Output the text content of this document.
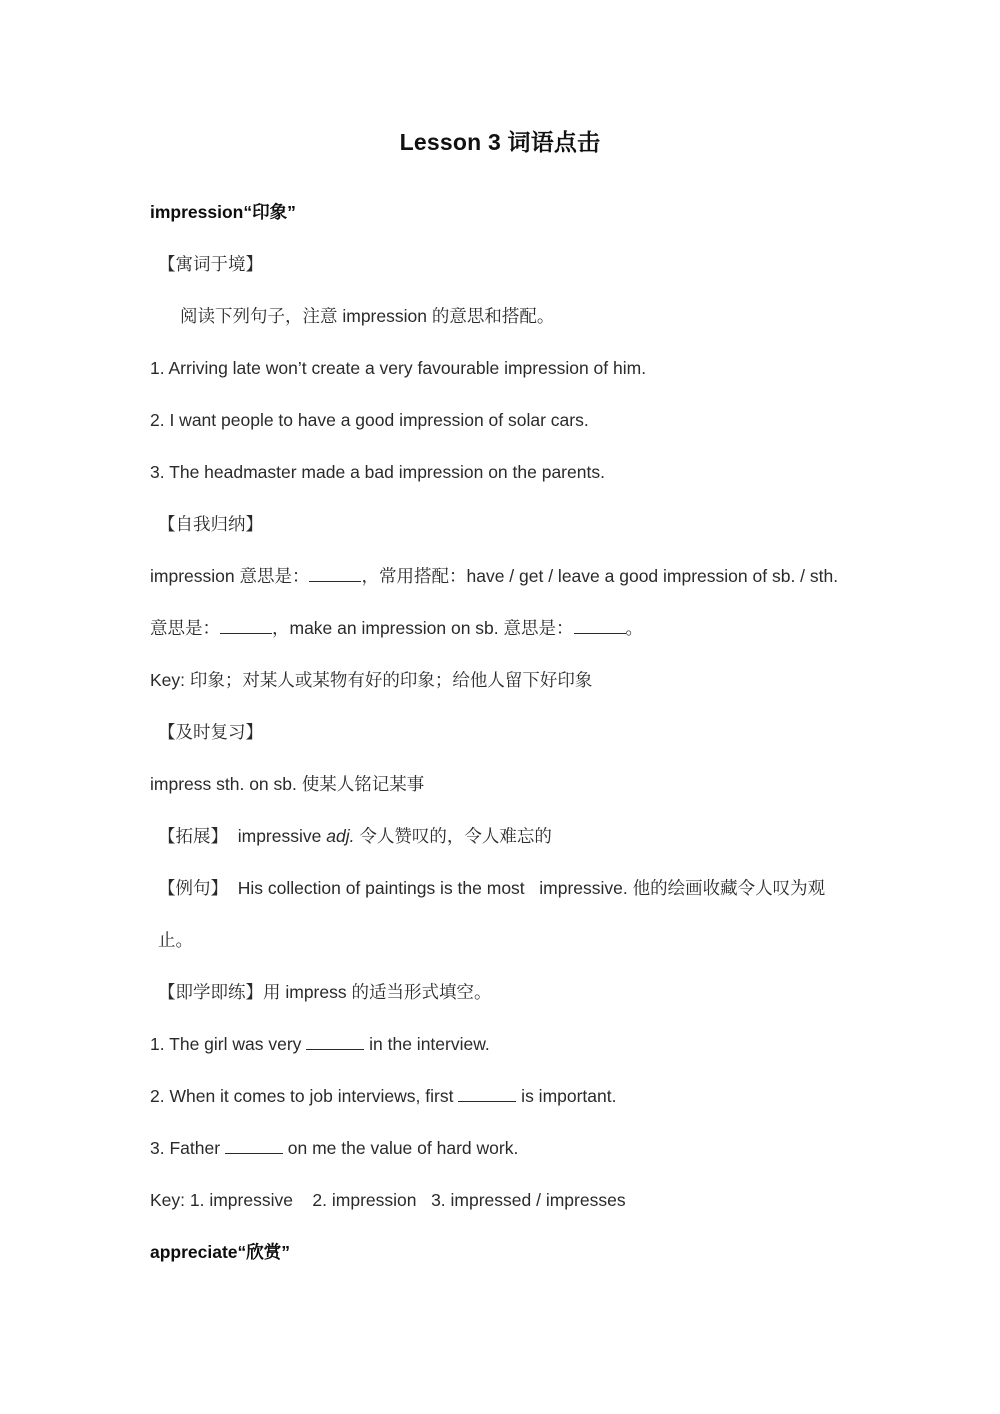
Lesson 3 词语点击
impression“印象”
【寓词于境】
阅读下列句子，注意 impression 的意思和搭配。
1. Arriving late won’t create a very favourable impression of him.
2. I want people to have a good impression of solar cars.
3. The headmaster made a bad impression on the parents.
【自我归纳】
impression 意思是：	，常用搭配：have / get / leave a good impression of sb. / sth. 意思是：	，make an impression on sb. 意思是：	。
Key: 印象；对某人或某物有好的印象；给他人留下好印象
【及时复习】
impress sth. on sb. 使某人铭记某事
【拓展】 impressive adj. 令人赞叹的，令人难忘的
【例句】 His collection of paintings is the most   impressive. 他的绘画收藏令人叹为观止。
【即学即练】用 impress 的适当形式填空。
1. The girl was very	in the interview.
2. When it comes to job interviews, first	is important.
3. Father	on me the value of hard work.
Key: 1. impressive    2. impression   3. impressed / impresses
appreciate“欣赏”
